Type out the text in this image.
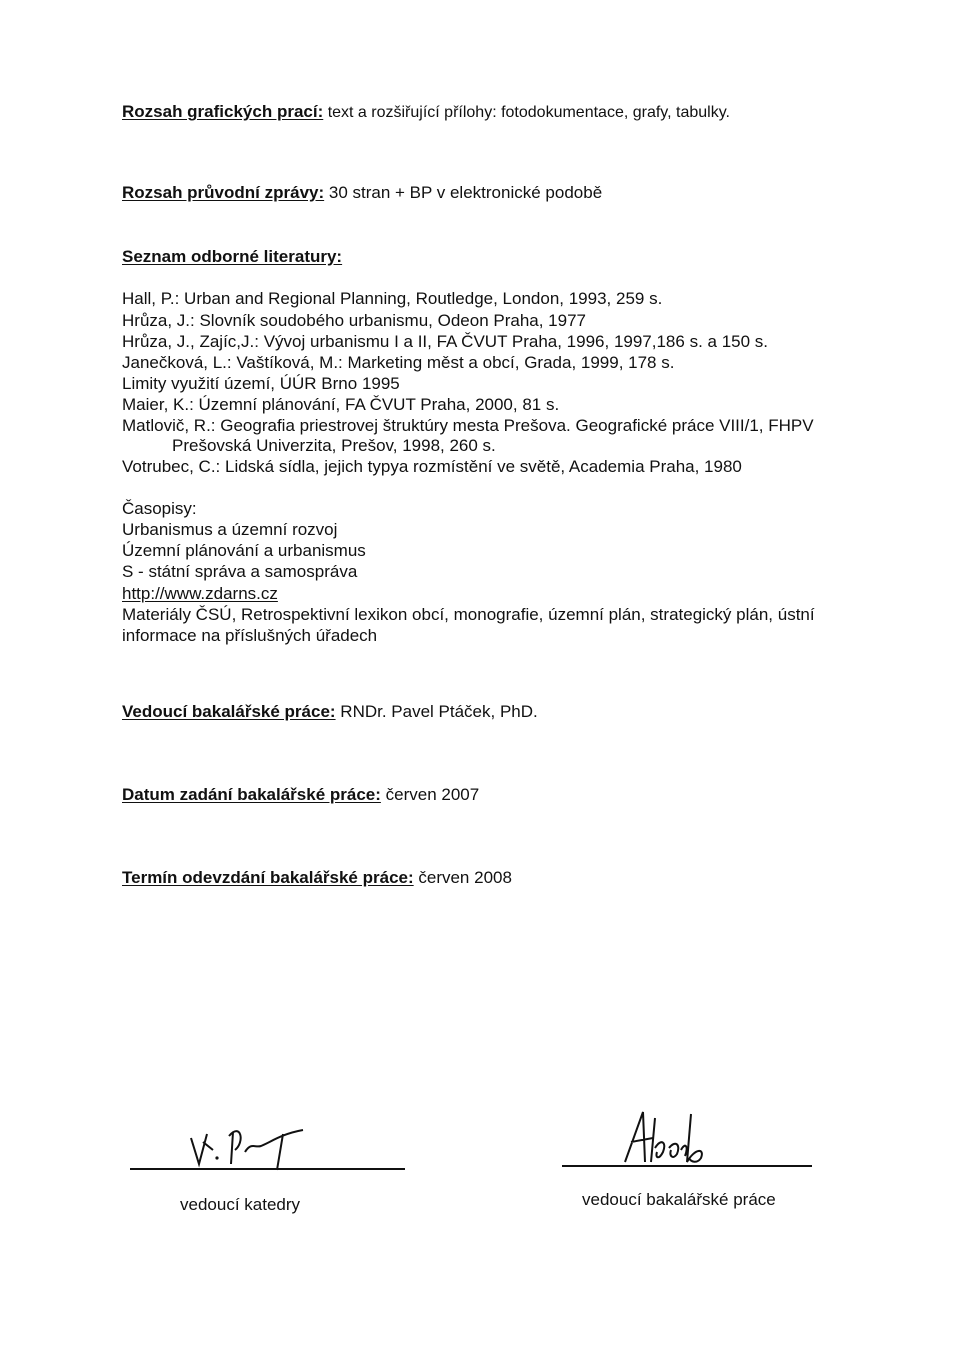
Rozsah grafických prací: text a rozšiřující přílohy: fotodokumentace, grafy, tabulky.
Rozsah průvodní zprávy: 30 stran + BP v elektronické podobě
Seznam odborné literatury:
Hall, P.: Urban and Regional Planning, Routledge, London, 1993, 259 s.
Hrůza, J.: Slovník soudobého urbanismu, Odeon Praha, 1977
Hrůza, J., Zajíc,J.: Vývoj urbanismu I a II, FA ČVUT Praha, 1996, 1997,186 s. a 150 s.
Janečková, L.: Vaštíková, M.: Marketing měst a obcí, Grada, 1999, 178 s.
Limity využití území, ÚÚR Brno 1995
Maier, K.: Územní plánování, FA ČVUT Praha, 2000, 81 s.
Matlovič, R.: Geografia priestrovej štruktúry mesta Prešova. Geografické práce VIII/1, FHPV
Prešovská Univerzita, Prešov, 1998, 260 s.
Votrubec, C.: Lidská sídla, jejich typya rozmístění ve světě, Academia Praha, 1980
Časopisy:
Urbanismus a územní rozvoj
Územní plánování a urbanismus
S - státní správa a samospráva
http://www.zdarns.cz
Materiály ČSÚ, Retrospektivní lexikon obcí, monografie, územní plán, strategický plán, ústní
informace na příslušných úřadech
Vedoucí bakalářské práce: RNDr. Pavel Ptáček, PhD.
Datum zadání bakalářské práce: červen 2007
Termín odevzdání bakalářské práce: červen 2008
vedoucí katedry	vedoucí bakalářské práce
